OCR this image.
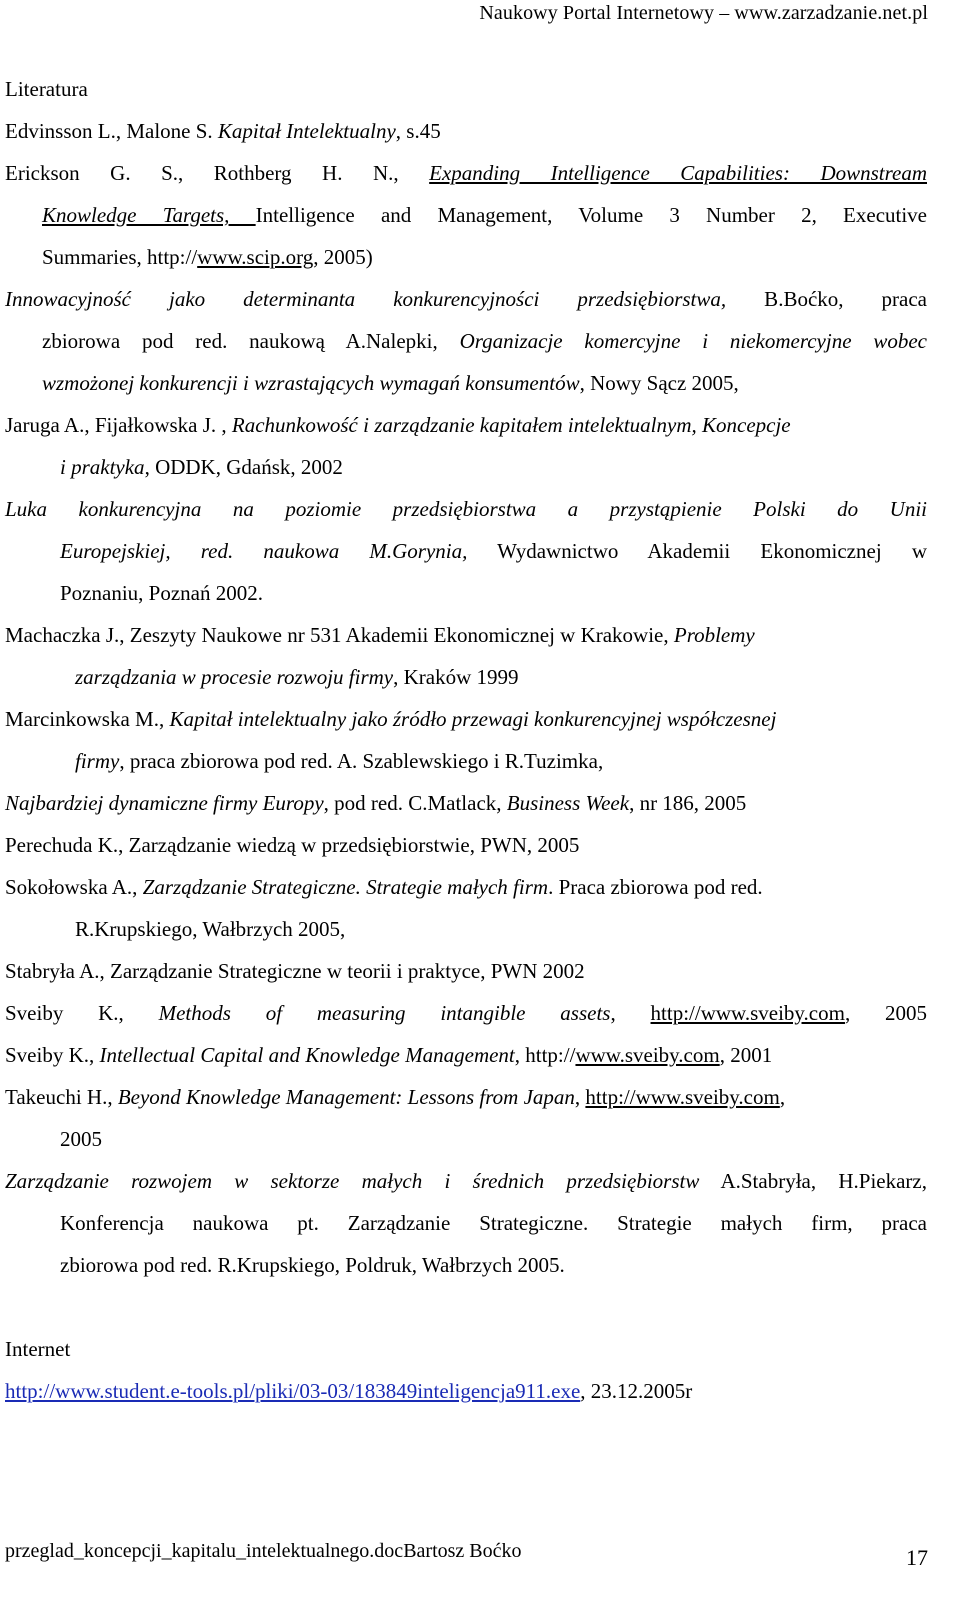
Naukowy Portal Internetowy – www.zarzadzanie.net.pl
Literatura
Edvinsson L., Malone S. Kapitał Intelektualny, s.45
Erickson G. S., Rothberg H. N., Expanding Intelligence Capabilities: Downstream
Knowledge Targets, Intelligence and Management, Volume 3 Number 2, Executive
Summaries, http://www.scip.org, 2005)
Innowacyjność jako determinanta konkurencyjności przedsiębiorstwa, B.Boćko, praca
zbiorowa pod red. naukową A.Nalepki, Organizacje komercyjne i niekomercyjne wobec
wzmożonej konkurencji i wzrastających wymagań konsumentów, Nowy Sącz 2005,
Jaruga A., Fijałkowska J. , Rachunkowość i zarządzanie kapitałem intelektualnym, Koncepcje
i praktyka, ODDK, Gdańsk, 2002
Luka konkurencyjna na poziomie przedsiębiorstwa a przystąpienie Polski do Unii
Europejskiej, red. naukowa M.Gorynia, Wydawnictwo Akademii Ekonomicznej w
Poznaniu, Poznań 2002.
Machaczka J., Zeszyty Naukowe nr 531 Akademii Ekonomicznej w Krakowie, Problemy
zarządzania w procesie rozwoju firmy, Kraków 1999
Marcinkowska M., Kapitał intelektualny jako źródło przewagi konkurencyjnej współczesnej
firmy, praca zbiorowa pod red. A. Szablewskiego i R.Tuzimka,
Najbardziej dynamiczne firmy Europy, pod red. C.Matlack, Business Week, nr 186, 2005
Perechuda K., Zarządzanie wiedzą w przedsiębiorstwie, PWN, 2005
Sokołowska A., Zarządzanie Strategiczne. Strategie małych firm. Praca zbiorowa pod red.
R.Krupskiego, Wałbrzych 2005,
Stabryła A., Zarządzanie Strategiczne w teorii i praktyce, PWN 2002
Sveiby K., Methods of measuring intangible assets, http://www.sveiby.com, 2005
Sveiby K., Intellectual Capital and Knowledge Management, http://www.sveiby.com, 2001
Takeuchi H., Beyond Knowledge Management: Lessons from Japan, http://www.sveiby.com,
2005
Zarządzanie rozwojem w sektorze małych i średnich przedsiębiorstw A.Stabryła, H.Piekarz,
Konferencja naukowa pt. Zarządzanie Strategiczne. Strategie małych firm, praca
zbiorowa pod red. R.Krupskiego, Poldruk, Wałbrzych 2005.
Internet
http://www.student.e-tools.pl/pliki/03-03/183849inteligencja911.exe, 23.12.2005r
przeglad_koncepcji_kapitalu_intelektualnego.docBartosz Boćko	17
